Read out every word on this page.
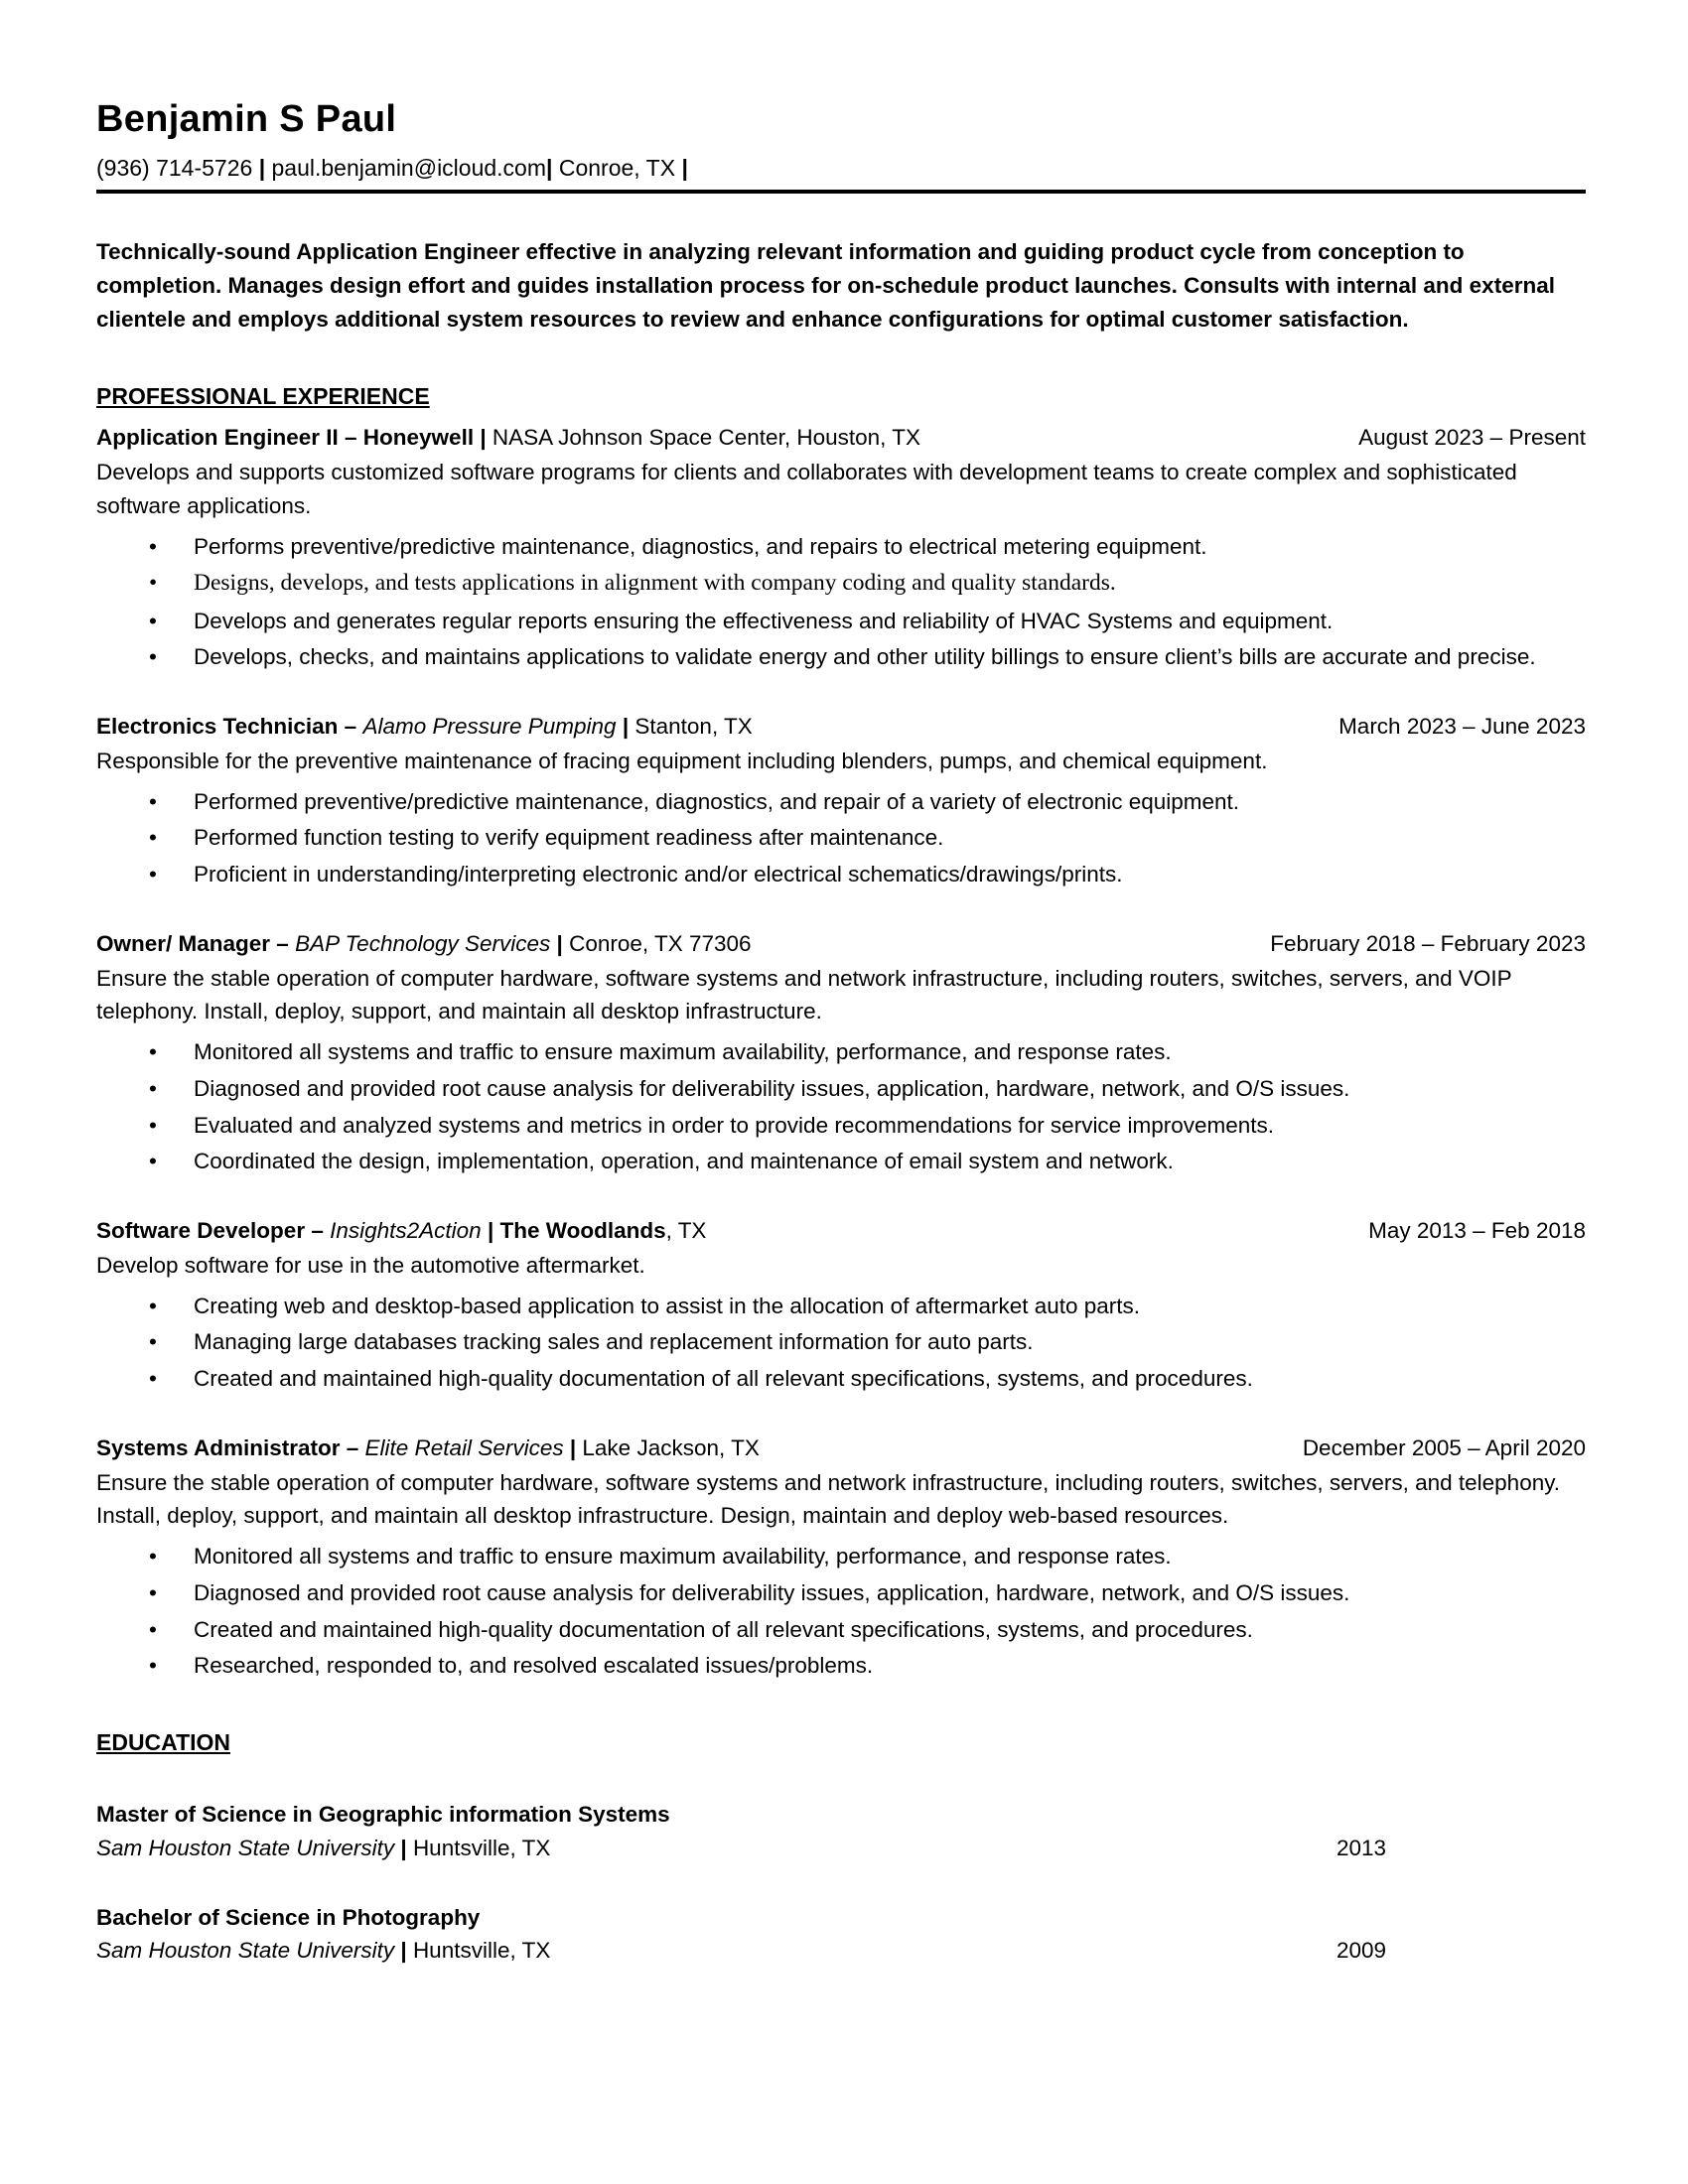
Benjamin S Paul
(936) 714-5726 | paul.benjamin@icloud.com| Conroe, TX |

Technically-sound Application Engineer effective in analyzing relevant information and guiding product cycle from conception to completion. Manages design effort and guides installation process for on-schedule product launches. Consults with internal and external clientele and employs additional system resources to review and enhance configurations for optimal customer satisfaction.

PROFESSIONAL EXPERIENCE
Application Engineer II – Honeywell | NASA Johnson Space Center, Houston, TX	August 2023 – Present

Develops and supports customized software programs for clients and collaborates with development teams to create complex and sophisticated software applications.

• Performs preventive/predictive maintenance, diagnostics, and repairs to electrical metering equipment.
• Designs, develops, and tests applications in alignment with company coding and quality standards.
• Develops and generates regular reports ensuring the effectiveness and reliability of HVAC Systems and equipment.
• Develops, checks, and maintains applications to validate energy and other utility billings to ensure client’s bills are accurate and precise.
Electronics Technician – Alamo Pressure Pumping | Stanton, TX	March 2023 – June 2023

Responsible for the preventive maintenance of fracing equipment including blenders, pumps, and chemical equipment.

• Performed preventive/predictive maintenance, diagnostics, and repair of a variety of electronic equipment.
• Performed function testing to verify equipment readiness after maintenance.
• Proficient in understanding/interpreting electronic and/or electrical schematics/drawings/prints.
Owner/ Manager – BAP Technology Services | Conroe, TX 77306	February 2018 – February 2023

Ensure the stable operation of computer hardware, software systems and network infrastructure, including routers, switches, servers, and VOIP telephony. Install, deploy, support, and maintain all desktop infrastructure.

• Monitored all systems and traffic to ensure maximum availability, performance, and response rates.
• Diagnosed and provided root cause analysis for deliverability issues, application, hardware, network, and O/S issues.
• Evaluated and analyzed systems and metrics in order to provide recommendations for service improvements.
• Coordinated the design, implementation, operation, and maintenance of email system and network.
Software Developer – Insights2Action | The Woodlands, TX	May 2013 – Feb 2018

Develop software for use in the automotive aftermarket.

• Creating web and desktop-based application to assist in the allocation of aftermarket auto parts.
• Managing large databases tracking sales and replacement information for auto parts.
• Created and maintained high-quality documentation of all relevant specifications, systems, and procedures.
Systems Administrator – Elite Retail Services | Lake Jackson, TX	December 2005 – April 2020

Ensure the stable operation of computer hardware, software systems and network infrastructure, including routers, switches, servers, and telephony. Install, deploy, support, and maintain all desktop infrastructure. Design, maintain and deploy web-based resources.

• Monitored all systems and traffic to ensure maximum availability, performance, and response rates.
• Diagnosed and provided root cause analysis for deliverability issues, application, hardware, network, and O/S issues.
• Created and maintained high-quality documentation of all relevant specifications, systems, and procedures.
• Researched, responded to, and resolved escalated issues/problems.
EDUCATION
Master of Science in Geographic information Systems
Sam Houston State University | Huntsville, TX	2013
Bachelor of Science in Photography
Sam Houston State University | Huntsville, TX	2009
